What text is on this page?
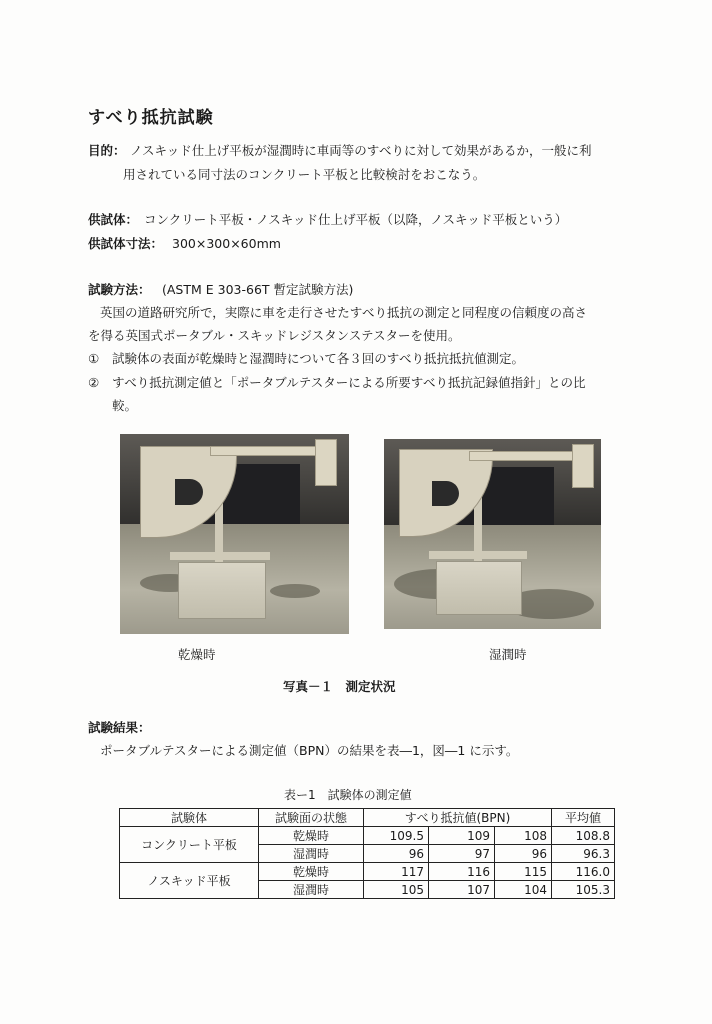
すべり抵抗試験
目的： ノスキッド仕上げ平板が湿潤時に車両等のすべりに対して効果があるか，一般に利
用されている同寸法のコンクリート平板と比較検討をおこなう。
供試体： コンクリート平板・ノスキッド仕上げ平板（以降，ノスキッド平板という）
供試体寸法： 300×300×60mm
試験方法： (ASTM E 303-66T 暫定試験方法)
英国の道路研究所で，実際に車を走行させたすべり抵抗の測定と同程度の信頼度の高さ
を得る英国式ポータブル・スキッドレジスタンステスターを使用。
① 試験体の表面が乾燥時と湿潤時について各３回のすべり抵抗抵抗値測定。
② すべり抵抗測定値と「ポータブルテスターによる所要すべり抵抗記録値指針」との比
較。
乾燥時	湿潤時
写真－１　測定状況
試験結果：
ポータブルテスターによる測定値（BPN）の結果を表―1，図―1 に示す。
表ー1　試験体の測定値
試験体	試験面の状態	すべり抵抗値(BPN)			平均値
コンクリート平板	乾燥時	109.5	109	108	108.8
	湿潤時	96	97	96	96.3
ノスキッド平板	乾燥時	117	116	115	116.0
	湿潤時	105	107	104	105.3
